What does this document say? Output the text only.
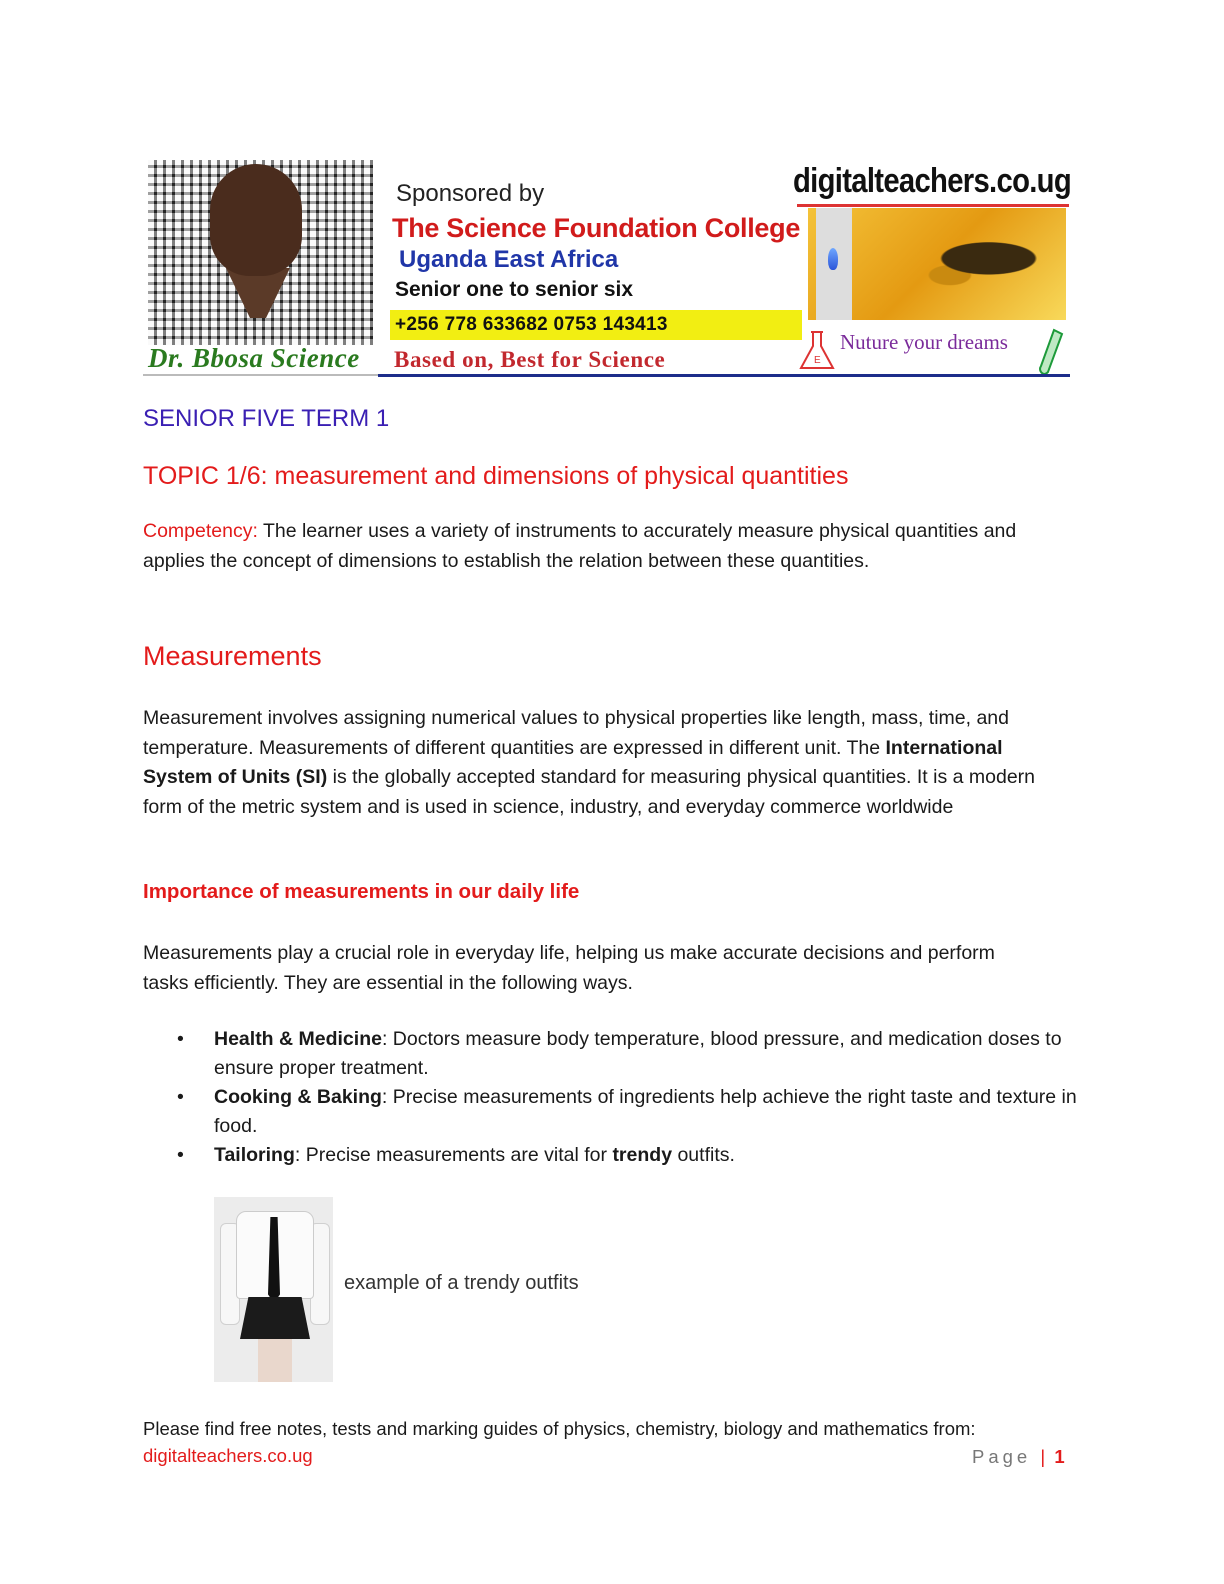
Dr. Bbosa Science
Sponsored by
The Science Foundation College
Uganda East Africa
Senior one to senior six
+256 778 633682 0753 143413
Based on, Best for Science
digitalteachers.co.ug
E
Nuture your dreams
SENIOR FIVE TERM 1
TOPIC 1/6: measurement and dimensions of physical quantities
Competency: The learner uses a variety of instruments to accurately measure physical quantities and applies the concept of dimensions to establish the relation between these quantities.
Measurements
Measurement involves assigning numerical values to physical properties like length, mass, time, and temperature. Measurements of different quantities are expressed in different unit. The International System of Units (SI) is the globally accepted standard for measuring physical quantities. It is a modern form of the metric system and is used in science, industry, and everyday commerce worldwide
Importance of measurements in our daily life
Measurements play a crucial role in everyday life, helping us make accurate decisions and perform tasks efficiently. They are essential in the following ways.
• Health & Medicine: Doctors measure body temperature, blood pressure, and medication doses to ensure proper treatment.
• Cooking & Baking: Precise measurements of ingredients help achieve the right taste and texture in food.
• Tailoring: Precise measurements are vital for trendy outfits.
example of a trendy outfits
Please find free notes, tests and marking guides of physics, chemistry, biology and mathematics from:
digitalteachers.co.ug	Page | 1
